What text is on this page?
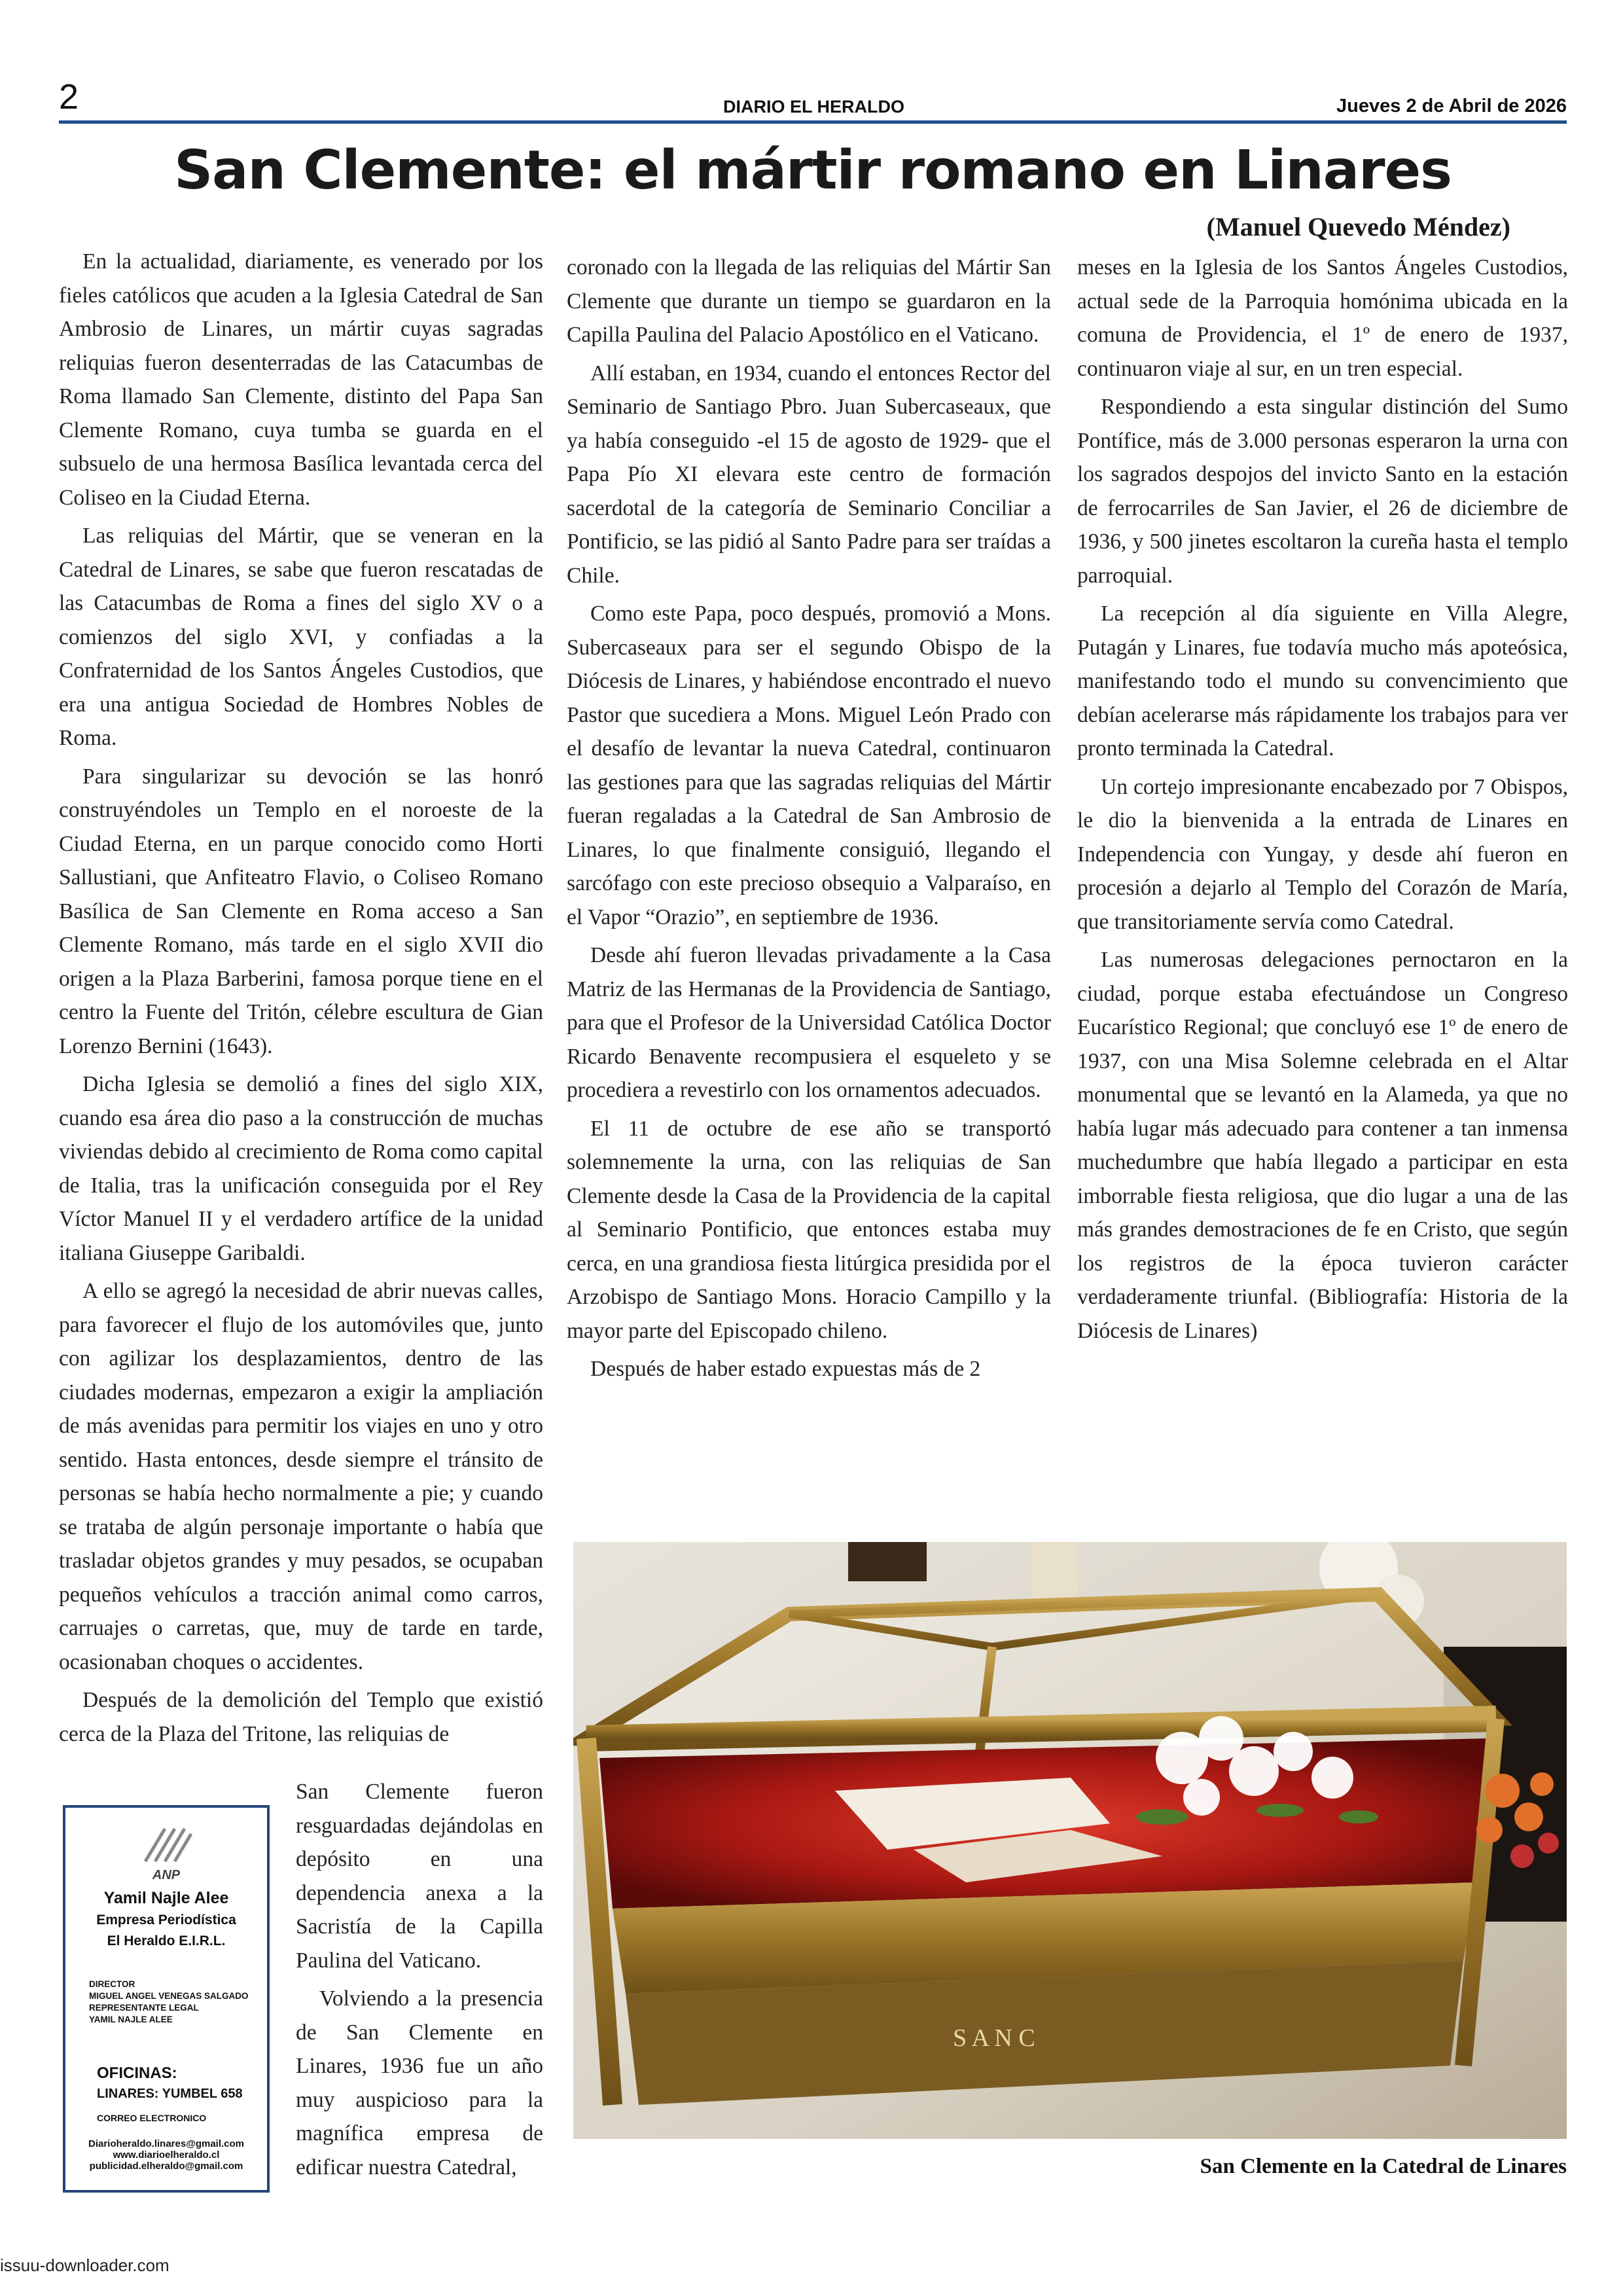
2	DIARIO EL HERALDO	Jueves 2 de Abril de 2026
San Clemente: el mártir romano en Linares
(Manuel Quevedo Méndez)

En la actualidad, diariamente, es venerado por los fieles católicos que acuden a la Iglesia Catedral de San Ambrosio de Linares, un mártir cuyas sagradas reliquias fueron desenterradas de las Catacumbas de Roma llamado San Clemente, distinto del Papa San Clemente Romano, cuya tumba se guarda en el subsuelo de una hermosa Basílica levantada cerca del Coliseo en la Ciudad Eterna.

Las reliquias del Mártir, que se veneran en la Catedral de Linares, se sabe que fueron rescatadas de las Catacumbas de Roma a fines del siglo XV o a comienzos del siglo XVI, y confiadas a la Confraternidad de los Santos Ángeles Custodios, que era una antigua Sociedad de Hombres Nobles de Roma.

Para singularizar su devoción se las honró construyéndoles un Templo en el noroeste de la Ciudad Eterna, en un parque conocido como Horti Sallustiani, que Anfiteatro Flavio, o Coliseo Romano Basílica de San Clemente en Roma acceso a San Clemente Romano, más tarde en el siglo XVII dio origen a la Plaza Barberini, famosa porque tiene en el centro la Fuente del Tritón, célebre escultura de Gian Lorenzo Bernini (1643).

Dicha Iglesia se demolió a fines del siglo XIX, cuando esa área dio paso a la construcción de muchas viviendas debido al crecimiento de Roma como capital de Italia, tras la unificación conseguida por el Rey Víctor Manuel II y el verdadero artífice de la unidad italiana Giuseppe Garibaldi.

A ello se agregó la necesidad de abrir nuevas calles, para favorecer el flujo de los automóviles que, junto con agilizar los desplazamientos, dentro de las ciudades modernas, empezaron a exigir la ampliación de más avenidas para permitir los viajes en uno y otro sentido. Hasta entonces, desde siempre el tránsito de personas se había hecho normalmente a pie; y cuando se trataba de algún personaje importante o había que trasladar objetos grandes y muy pesados, se ocupaban pequeños vehículos a tracción animal como carros, carruajes o carretas, que, muy de tarde en tarde, ocasionaban choques o accidentes.

Después de la demolición del Templo que existió cerca de la Plaza del Tritone, las reliquias de

San Clemente fueron resguardadas dejándolas en depósito en una dependencia anexa a la Sacristía de la Capilla Paulina del Vaticano.

Volviendo a la presencia de San Clemente en Linares, 1936 fue un año muy auspicioso para la magnífica empresa de edificar nuestra Catedral,

coronado con la llegada de las reliquias del Mártir San Clemente que durante un tiempo se guardaron en la Capilla Paulina del Palacio Apostólico en el Vaticano.

Allí estaban, en 1934, cuando el entonces Rector del Seminario de Santiago Pbro. Juan Subercaseaux, que ya había conseguido -el 15 de agosto de 1929- que el Papa Pío XI elevara este centro de formación sacerdotal de la categoría de Seminario Conciliar a Pontificio, se las pidió al Santo Padre para ser traídas a Chile.

Como este Papa, poco después, promovió a Mons. Subercaseaux para ser el segundo Obispo de la Diócesis de Linares, y habiéndose encontrado el nuevo Pastor que sucediera a Mons. Miguel León Prado con el desafío de levantar la nueva Catedral, continuaron las gestiones para que las sagradas reliquias del Mártir fueran regaladas a la Catedral de San Ambrosio de Linares, lo que finalmente consiguió, llegando el sarcófago con este precioso obsequio a Valparaíso, en el Vapor “Orazio”, en septiembre de 1936.

Desde ahí fueron llevadas privadamente a la Casa Matriz de las Hermanas de la Providencia de Santiago, para que el Profesor de la Universidad Católica Doctor Ricardo Benavente recompusiera el esqueleto y se procediera a revestirlo con los ornamentos adecuados.

El 11 de octubre de ese año se transportó solemnemente la urna, con las reliquias de San Clemente desde la Casa de la Providencia de la capital al Seminario Pontificio, que entonces estaba muy cerca, en una grandiosa fiesta litúrgica presidida por el Arzobispo de Santiago Mons. Horacio Campillo y la mayor parte del Episcopado chileno.

Después de haber estado expuestas más de 2

meses en la Iglesia de los Santos Ángeles Custodios, actual sede de la Parroquia homónima ubicada en la comuna de Providencia, el 1º de enero de 1937, continuaron viaje al sur, en un tren especial.

Respondiendo a esta singular distinción del Sumo Pontífice, más de 3.000 personas esperaron la urna con los sagrados despojos del invicto Santo en la estación de ferrocarriles de San Javier, el 26 de diciembre de 1936, y 500 jinetes escoltaron la cureña hasta el templo parroquial.

La recepción al día siguiente en Villa Alegre, Putagán y Linares, fue todavía mucho más apoteósica, manifestando todo el mundo su convencimiento que debían acelerarse más rápidamente los trabajos para ver pronto terminada la Catedral.

Un cortejo impresionante encabezado por 7 Obispos, le dio la bienvenida a la entrada de Linares en Independencia con Yungay, y desde ahí fueron en procesión a dejarlo al Templo del Corazón de María, que transitoriamente servía como Catedral.

Las numerosas delegaciones pernoctaron en la ciudad, porque estaba efectuándose un Congreso Eucarístico Regional; que concluyó ese 1º de enero de 1937, con una Misa Solemne celebrada en el Altar monumental que se levantó en la Alameda, ya que no había lugar más adecuado para contener a tan inmensa muchedumbre que había llegado a participar en esta imborrable fiesta religiosa, que dio lugar a una de las más grandes demostraciones de fe en Cristo, que según los registros de la época tuvieron carácter verdaderamente triunfal. (Bibliografía: Historia de la Diócesis de Linares)

ANP
Yamil Najle Alee
Empresa Periodística
El Heraldo E.I.R.L.
DIRECTOR
MIGUEL ANGEL VENEGAS SALGADO
REPRESENTANTE LEGAL
YAMIL NAJLE ALEE
OFICINAS:
LINARES: YUMBEL 658
CORREO ELECTRONICO
Diarioheraldo.linares@gmail.com
www.diarioelheraldo.cl
publicidad.elheraldo@gmail.com
S A N C
San Clemente en la Catedral de Linares
issuu-downloader.com
